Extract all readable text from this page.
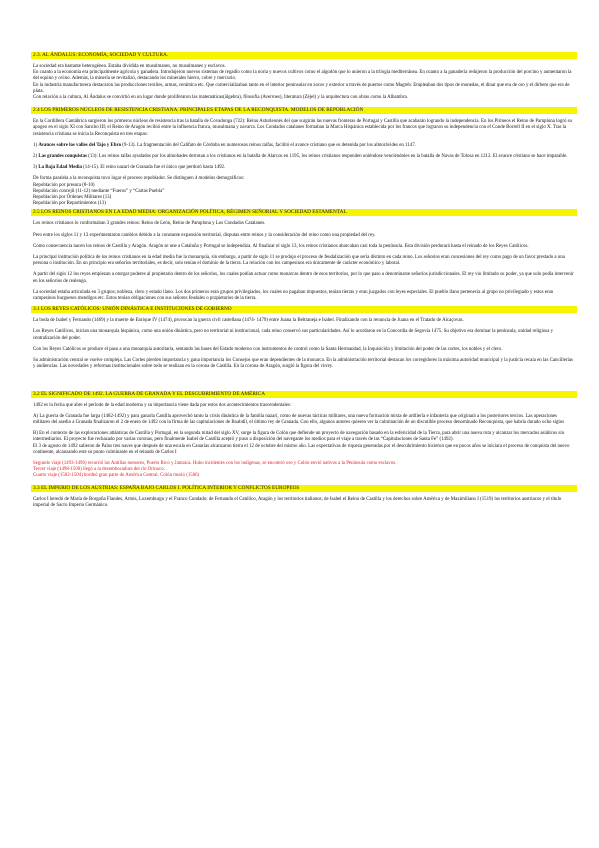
2.3. AL ÁNDALUS: ECONOMÍA, SOCIEDAD Y CULTURA.

La sociedad era bastante heterogénea. Estaba dividida en musulmanes, no musulmanes y esclavos.

En cuanto a la economía era principalmente agrícola y ganadera. Introdujeron nuevos sistemas de regadío como la noria y nuevos cultivos como el algodón que lo unieron a la trilogía mediterránea. En cuanto a la ganadería redujeron la producción del porcino y aumentaron la del equino y ovino. Además, la minería se revitalizó, destacando los minerales hierro, cobre y mercurio.

En la industria manufacturera destacaron las producciones textiles, armas, cerámica etc. Que comercializaban tanto en el interior peninsular en zocos y exterior a través de puertos como Magreb. Empleaban dos tipos de monedas, el dinar que era de oro y el dirhem que era de plata.

Con relación a la cultura, Al Ándalus se convirtió en un lugar donde proliferaron las matemáticas(álgebra), filosofía (Averroes), literatura (Zéjel) y la arquitectura con obras como la Alhambra.

2.4 LOS PRIMEROS NÚCLEOS DE RESISTENCIA CRISTIANA. PRINCIPALES ETAPAS DE LA RECONQUISTA. MODELOS DE REPOBLACIÓN

En la Cordillera Cantábrica surgieron los primeros núcleos de resistencia tras la batalla de Covadonga (722): Reino Asturleonés del que surgirán las nuevas fronteras de Portugal y Castilla que acabarán logrando la independencia. En los Pirineos el Reino de Pamplona logró su apogeo en el siglo XI con Sancho III; el Reino de Aragón recibió entre la influencia franca, musulmana y navarra. Los Condados catalanes formaban la Marca Hispánica establecida por los francos que lograron su independencia con el Conde Borrell II en el siglo X. Tras la resistencia cristiana se inicia la Reconquista en tres etapas:

1) Avances sobre los valles del Tajo y Ebro (9-13). La fragmentación del Califato de Córdoba en numerosos reinos taifas, facilitó el avance cristiano que es detenida por los almorávides en 1147.

2) Las grandes conquistas (13): Los reinos taifas ayudados por los almohades derrotan a los cristianos en la batalla de Alarcos en 1195, los reinos cristianos responden uniéndose venciéndoles en la batalla de Navas de Tolosa en 1212. El avance cristiano se hace imparable.

3) La Baja Edad Media (14-15). El reino nazarí de Granada fue el único que perduró hasta 1492.

De forma paralela a la reconquista tuvo lugar el proceso repoblador. Se distinguen 4 modelos demográficos:

Repoblación por presura (8-10)

Repoblación concejil (11-12) mediante “Fueros” y “Cartas Puebla”

Repoblación por Órdenes Militares (13)

Repoblación por Repartimientos (13)

2.5 LOS REINOS CRISTIANOS EN LA EDAD MEDIA: ORGANIZACIÓN POLÍTICA, RÉGIMEN SEÑORIAL Y SOCIEDAD ESTAMENTAL

Los reinos cristianos lo conformaban 3 grandes reinos: Reino de León, Reino de Pamplona y Los Condados Catalanes.

Pero entre los siglos 11 y 13 experimentaron cambios debido a la constante expansión territorial, disputas entre reinos y la consideración del reino como una propiedad del rey.

Como consecuencia nacen los reinos de Castilla y Aragón. Aragón se une a Cataluña y Portugal se independiza. Al finalizar el siglo 13, los reinos cristianos abarcaban casi toda la península. Esta división perdurará hasta el reinado de los Reyes Católicos.

La principal institución política de los reinos cristianos en la edad media fue la monarquía, sin embargo, a partir de siglo 11 se produjo el proceso de feudalización que sería distinto en cada reino. Los señoríos eran concesiones del rey como pago de un favor prestado a una persona o institución. En un principio era señoríos territoriales, es decir, solo tenían el dominio de la tierra. La relación con los campesinos era únicamente de carácter económico y laboral.

A partir del siglo 12 los reyes empiezan a otorgar poderes al propietario dentro de los señoríos, los cuales podían actuar como monarcas dentro de esos territorios, por lo que paso a denominarse señoríos jurisdiccionales. El rey vio limitado su poder, ya que solo podía intervenir en los señoríos de realengo.

La sociedad estaba articulada en 3 grupos; nobleza, clero y estado llano. Los dos primeros eran grupos privilegiados, los cuales no pagaban impuestos, tenían tierras y eran juzgados con leyes especiales. El pueblo llano pertenecía al grupo no privilegiado y estos eran campesinos burgueses mendigos etc. Estos tenían obligaciones con sus señores feudales o propietarios de la tierra.

3.1 LOS REYES CATÓLICOS: UNIÓN DINÁSTICA E INSTITUCIONES DE GOBIERNO

La boda de Isabel y Fernando (1469) y la muerte de Enrique IV (1474), provocan la guerra civil castellana (1474- 1479) entre Juana la Beltraneja e Isabel. Finalizando con la renuncia de Juana en el Tratado de Alcaçovas.

Los Reyes Católicos, inician una monarquía hispánica, como una unión dinástica, pero no territorial ni institucional, cada reino conservó sus particularidades. Así lo acordaron en la Concordia de Segovia 1475. Su objetivo era dominar la península, unidad religiosa y centralización del poder.

Con los Reyes Católicos se produce el paso a una monarquía autoritaria, sentando las bases del Estado moderno con instrumentos de control como la Santa Hermandad, la Inquisición y limitación del poder de las cortes, los nobles y el clero.

Su administración central se vuelve compleja. Las Cortes pierden importancia y gana importancia los Consejos que eran dependientes de la monarca. En la administración territorial destacan los corregidores la máxima autoridad municipal y la justicia recaía en las Cancillerías y audiencias. Las novedades y reformas institucionales sobre todo se realizan en la corona de Castilla. En la corona de Aragón, surgió la figura del virrey.

3.2 EL SIGNIFICADO DE 1492. LA GUERRA DE GRANADA Y EL DESCUBRIMIENTO DE AMÉRICA

1492 es la fecha que abre el período de la edad moderna y su importancia viene dada por estos dos acontecimientos trascendentales:

A) La guerra de Granada fue larga (1482-1492) y para ganarla Castilla aprovechó tanto la crisis dinástica de la familia nazarí, como de nuevas tácticas militares, una nueva formación mixta de artillería e infantería que originará a los posteriores tercios. Las operaciones militares del asedio a Granada finalizaron el 2 de enero de 1492 con la firma de las capitulaciones de Boabdil, el último rey de Granada. Con ello, algunos autores quieren ver la culminación de un discutible proceso denominado Reconquista, que habría durado ocho siglos

B) En el contexto de las exploraciones atlánticas de Castilla y Portugal, en la segunda mitad del siglo XV, surge la figura de Colón que defiende un proyecto de navegación basado en la esfericidad de la Tierra, para abrir una nueva ruta y alcanzar los mercados asiáticos sin intermediarios. El proyecto fue rechazado por varias coronas, pero finalmente Isabel de Castilla aceptó y puso a disposición del navegante los medios para el viaje a través de las “Capitulaciones de Santa Fe” (1492).

El 3 de agosto de 1492 salieron de Palos tres naves que después de una escala en Canarias alcanzaron tierra el 12 de octubre del mismo año. Las expectativas de riqueza generadas por el descubrimiento hicieron que en pocos años se iniciara el proceso de conquista del nuevo continente, alcanzando este su punto culminante en el reinado de Carlos I

Segundo viaje (1493-1496) recorrió las Antillas menores, Puerto Rico y Jamaica. Hubo incidentes con los indígenas, se encontró oro y Colón envió nativos a la Península como esclavos.

Tercer viaje (1498-1500) llegó a la desembocadura del río Orinoco.

Cuarto viaje (1502-1504) bordeó gran parte de América Central. Colón murió (1506)

3.3 EL IMPERIO DE LOS AUSTRIAS: ESPAÑA BAJO CARLOS I. POLÍTICA INTERIOR Y CONFLICTOS EUROPEOS

Carlos I heredó de María de Borgoña Flandes, Artois, Luxemburgo y el Franco Condado; de Fernando el Católico, Aragón y los territorios italianos; de Isabel el Reino de Castilla y los derechos sobre América y de Maximiliano I (1519) los territorios austriacos y el título imperial de Sacro Imperio Germánico.
